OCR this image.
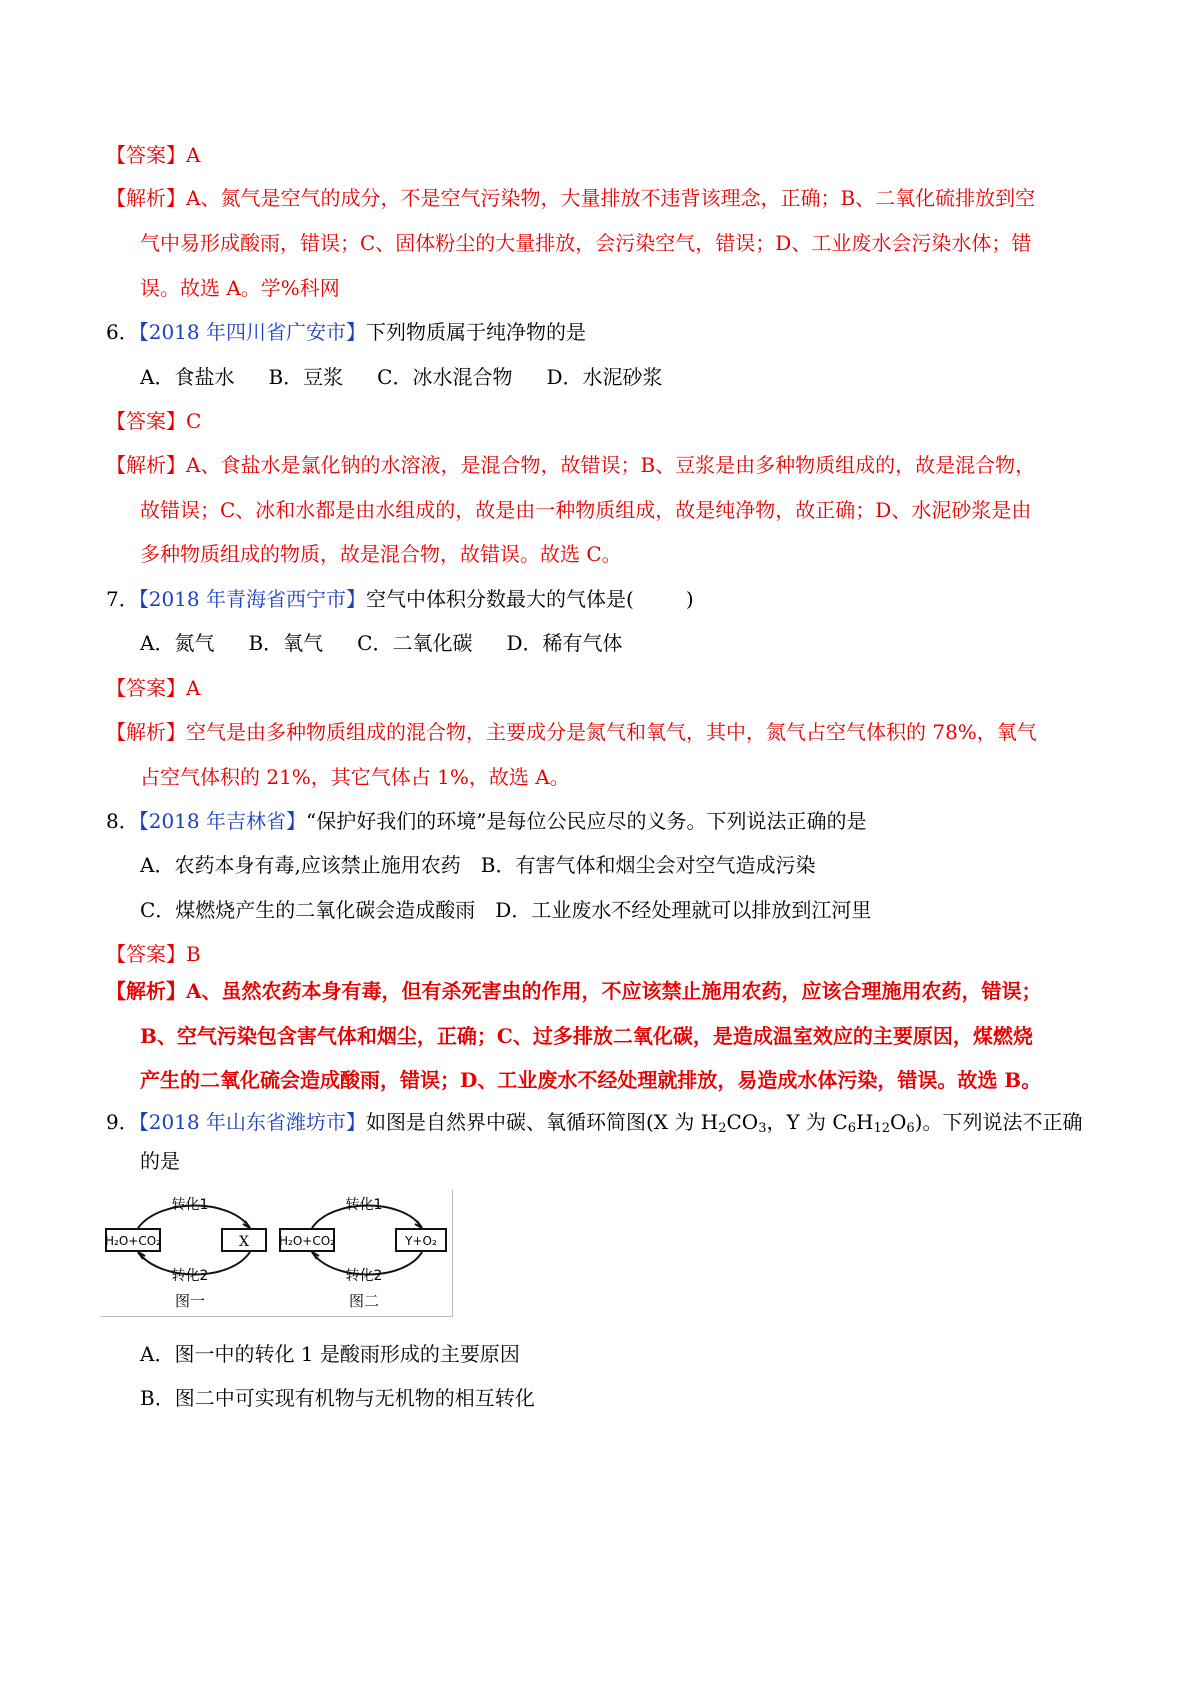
【答案】A
【解析】A、氮气是空气的成分，不是空气污染物，大量排放不违背该理念，正确；B、二氧化硫排放到空
气中易形成酸雨，错误；C、固体粉尘的大量排放，会污染空气，错误；D、工业废水会污染水体；错
误。故选 A。学%科网
6．【2018 年四川省广安市】下列物质属于纯净物的是
A．食盐水 B．豆浆 C．冰水混合物 D．水泥砂浆
【答案】C
【解析】A、食盐水是氯化钠的水溶液，是混合物，故错误；B、豆浆是由多种物质组成的，故是混合物，
故错误；C、冰和水都是由水组成的，故是由一种物质组成，故是纯净物，故正确；D、水泥砂浆是由
多种物质组成的物质，故是混合物，故错误。故选 C。
7．【2018 年青海省西宁市】空气中体积分数最大的气体是(	)
A．氮气 B．氧气 C．二氧化碳 D．稀有气体
【答案】A
【解析】空气是由多种物质组成的混合物，主要成分是氮气和氧气，其中，氮气占空气体积的 78%，氧气
占空气体积的 21%，其它气体占 1%，故选 A。
8．【2018 年吉林省】“保护好我们的环境”是每位公民应尽的义务。下列说法正确的是
A．农药本身有毒,应该禁止施用农药　B．有害气体和烟尘会对空气造成污染
C．煤燃烧产生的二氧化碳会造成酸雨　D．工业废水不经处理就可以排放到江河里
【答案】B
【解析】A、虽然农药本身有毒，但有杀死害虫的作用，不应该禁止施用农药，应该合理施用农药，错误；
B、空气污染包含害气体和烟尘，正确；C、过多排放二氧化碳，是造成温室效应的主要原因，煤燃烧
产生的二氧化硫会造成酸雨，错误；D、工业废水不经处理就排放，易造成水体污染，错误。故选 B。
9．【2018 年山东省潍坊市】如图是自然界中碳、氧循环简图(X 为 $H_2CO_3$，Y 为 $C_6H_{12}O_6$)。下列说法不正确
的是
H₂O+CO₂	X
转化1
转化2
图一
H₂O+CO₂	Y+O₂
转化1
转化2
图二
A．图一中的转化 1 是酸雨形成的主要原因
B．图二中可实现有机物与无机物的相互转化
